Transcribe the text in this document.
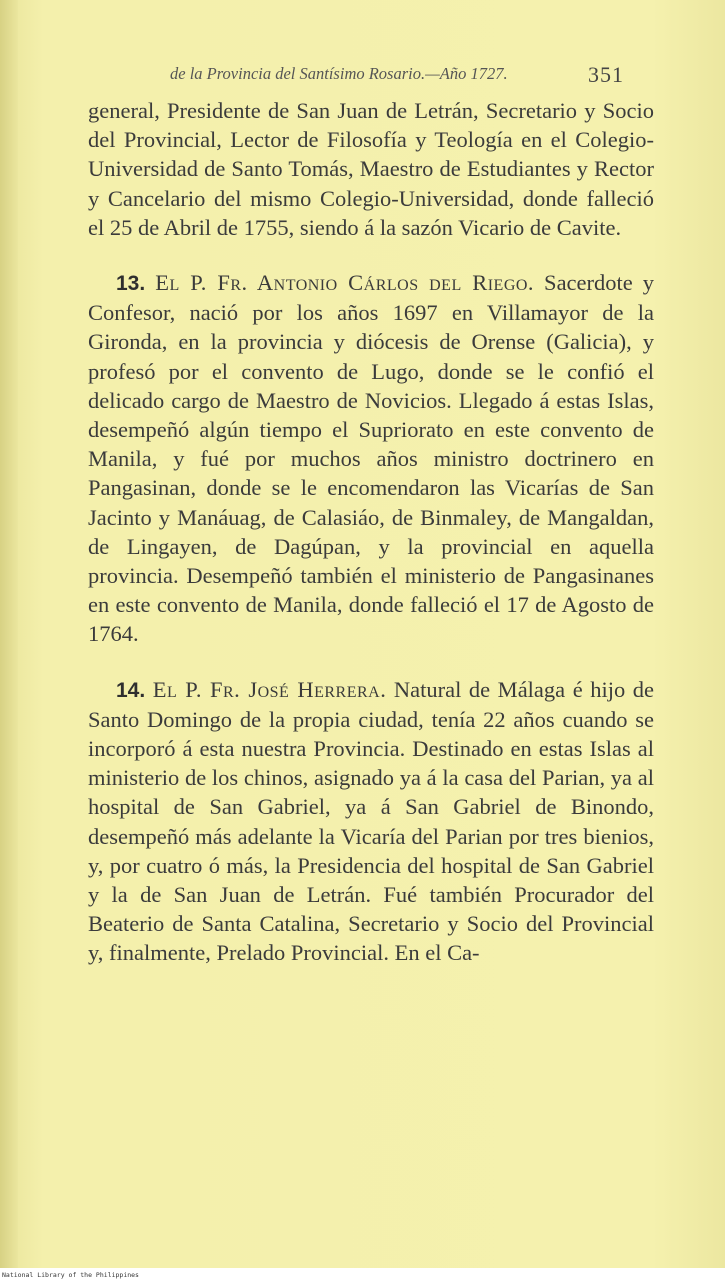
de la Provincia del Santísimo Rosario.—Año 1727.	351

general, Presidente de San Juan de Letrán, Secretario y Socio del Provincial, Lector de Filosofía y Teología en el Colegio-Universidad de Santo Tomás, Maestro de Estudiantes y Rector y Cancelario del mismo Colegio-Universidad, donde falleció el 25 de Abril de 1755, siendo á la sazón Vicario de Cavite.

13. El P. Fr. Antonio Cárlos del Riego. Sacerdote y Confesor, nació por los años 1697 en Villamayor de la Gironda, en la provincia y diócesis de Orense (Galicia), y profesó por el convento de Lugo, donde se le confió el delicado cargo de Maestro de Novicios. Llegado á estas Islas, desempeñó algún tiempo el Supriorato en este convento de Manila, y fué por muchos años ministro doctrinero en Pangasinan, donde se le encomendaron las Vicarías de San Jacinto y Manáuag, de Calasiáo, de Binmaley, de Mangaldan, de Lingayen, de Dagúpan, y la provincial en aquella provincia. Desempeñó también el ministerio de Pangasinanes en este convento de Manila, donde falleció el 17 de Agosto de 1764.

14. El P. Fr. José Herrera. Natural de Málaga é hijo de Santo Domingo de la propia ciudad, tenía 22 años cuando se incorporó á esta nuestra Provincia. Destinado en estas Islas al ministerio de los chinos, asignado ya á la casa del Parian, ya al hospital de San Gabriel, ya á San Gabriel de Binondo, desempeñó más adelante la Vicaría del Parian por tres bienios, y, por cuatro ó más, la Presidencia del hospital de San Gabriel y la de San Juan de Letrán. Fué también Procurador del Beaterio de Santa Catalina, Secretario y Socio del Provincial y, finalmente, Prelado Provincial. En el Ca-

National Library of the Philippines
